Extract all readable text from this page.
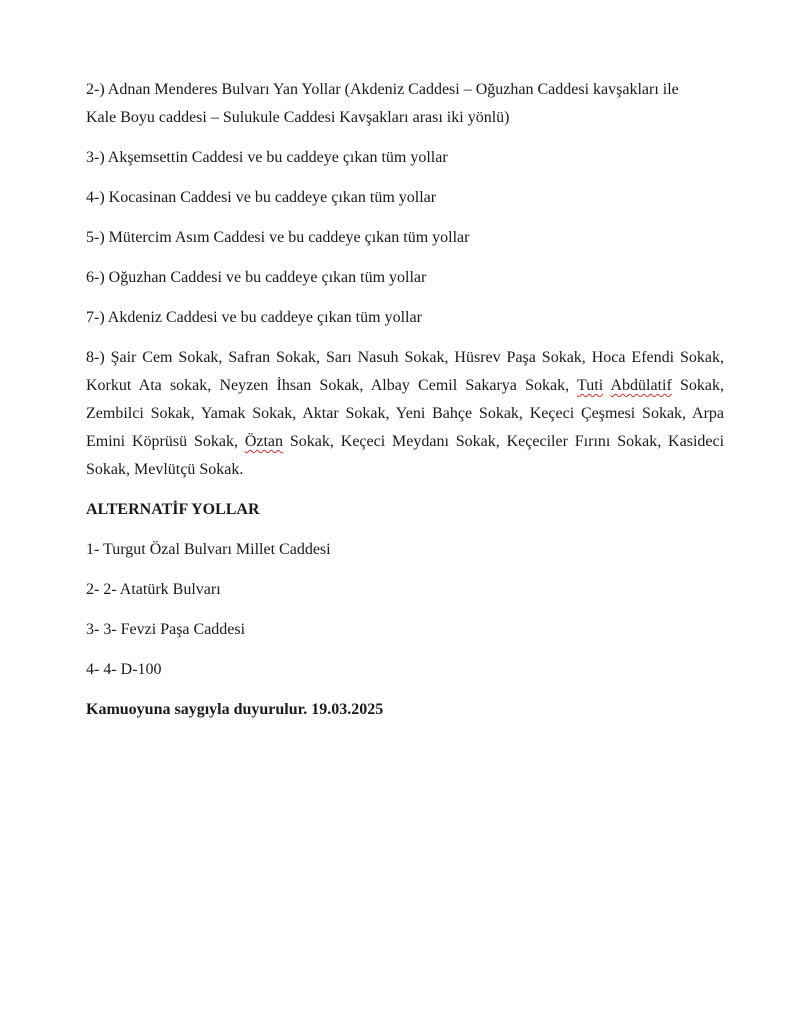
2-) Adnan Menderes Bulvarı Yan Yollar (Akdeniz Caddesi – Oğuzhan Caddesi kavşakları ile
Kale Boyu caddesi – Sulukule Caddesi Kavşakları arası iki yönlü)

3-) Akşemsettin Caddesi ve bu caddeye çıkan tüm yollar

4-) Kocasinan Caddesi ve bu caddeye çıkan tüm yollar

5-) Mütercim Asım Caddesi ve bu caddeye çıkan tüm yollar

6-) Oğuzhan Caddesi ve bu caddeye çıkan tüm yollar

7-) Akdeniz Caddesi ve bu caddeye çıkan tüm yollar

8-) Şair Cem Sokak, Safran Sokak, Sarı Nasuh Sokak, Hüsrev Paşa Sokak, Hoca Efendi Sokak,
Korkut Ata sokak, Neyzen İhsan Sokak, Albay Cemil Sakarya Sokak, Tuti Abdülatif Sokak,
Zembilci Sokak, Yamak Sokak, Aktar Sokak, Yeni Bahçe Sokak, Keçeci Çeşmesi Sokak, Arpa
Emini Köprüsü Sokak, Öztan Sokak, Keçeci Meydanı Sokak, Keçeciler Fırını Sokak, Kasideci
Sokak, Mevlütçü Sokak.

ALTERNATİF YOLLAR

1- Turgut Özal Bulvarı Millet Caddesi

2- 2- Atatürk Bulvarı

3- 3- Fevzi Paşa Caddesi

4- 4- D-100

Kamuoyuna saygıyla duyurulur. 19.03.2025
